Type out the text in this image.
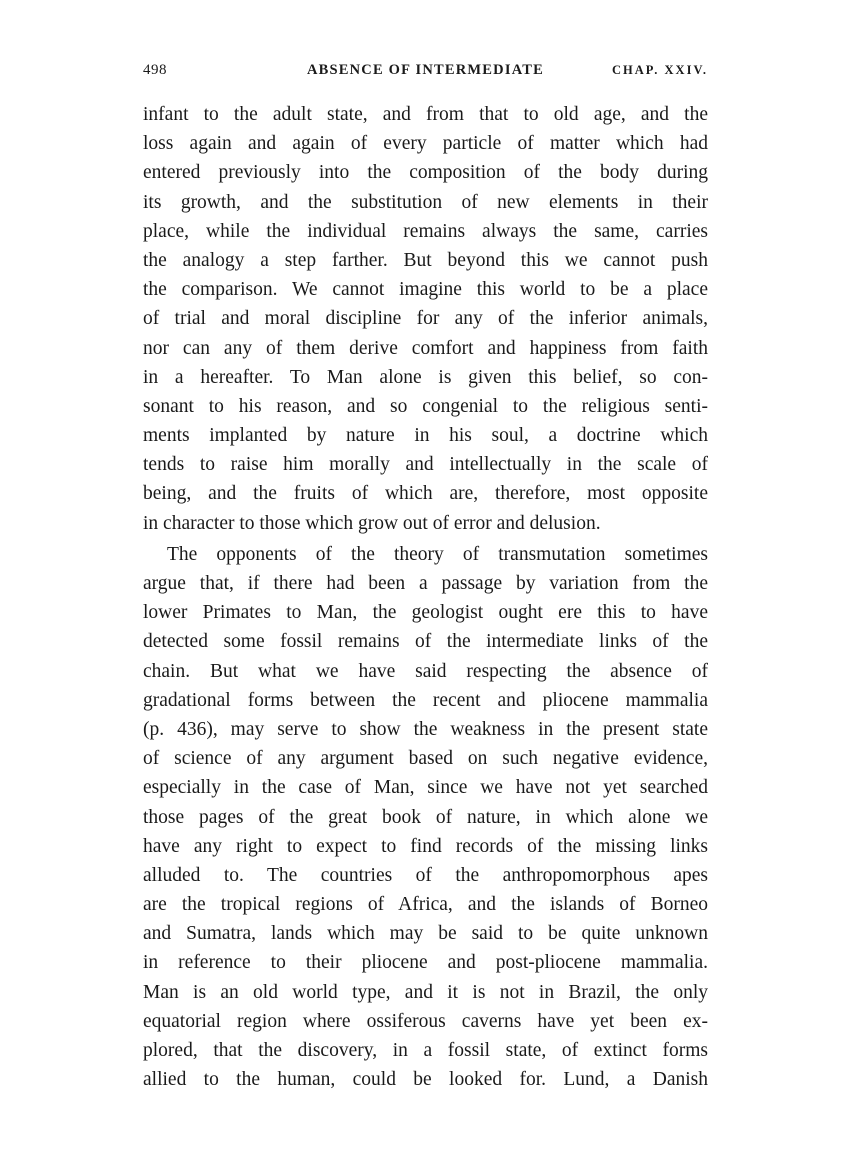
498	ABSENCE OF INTERMEDIATE	CHAP. XXIV.
infant to the adult state, and from that to old age, and the
loss again and again of every particle of matter which had
entered previously into the composition of the body during
its growth, and the substitution of new elements in their
place, while the individual remains always the same, carries
the analogy a step farther. But beyond this we cannot push
the comparison. We cannot imagine this world to be a place
of trial and moral discipline for any of the inferior animals,
nor can any of them derive comfort and happiness from faith
in a hereafter. To Man alone is given this belief, so con-
sonant to his reason, and so congenial to the religious senti-
ments implanted by nature in his soul, a doctrine which
tends to raise him morally and intellectually in the scale of
being, and the fruits of which are, therefore, most opposite
in character to those which grow out of error and delusion.
The opponents of the theory of transmutation sometimes
argue that, if there had been a passage by variation from the
lower Primates to Man, the geologist ought ere this to have
detected some fossil remains of the intermediate links of the
chain. But what we have said respecting the absence of
gradational forms between the recent and pliocene mammalia
(p. 436), may serve to show the weakness in the present state
of science of any argument based on such negative evidence,
especially in the case of Man, since we have not yet searched
those pages of the great book of nature, in which alone we
have any right to expect to find records of the missing links
alluded to. The countries of the anthropomorphous apes
are the tropical regions of Africa, and the islands of Borneo
and Sumatra, lands which may be said to be quite unknown
in reference to their pliocene and post-pliocene mammalia.
Man is an old world type, and it is not in Brazil, the only
equatorial region where ossiferous caverns have yet been ex-
plored, that the discovery, in a fossil state, of extinct forms
allied to the human, could be looked for. Lund, a Danish
